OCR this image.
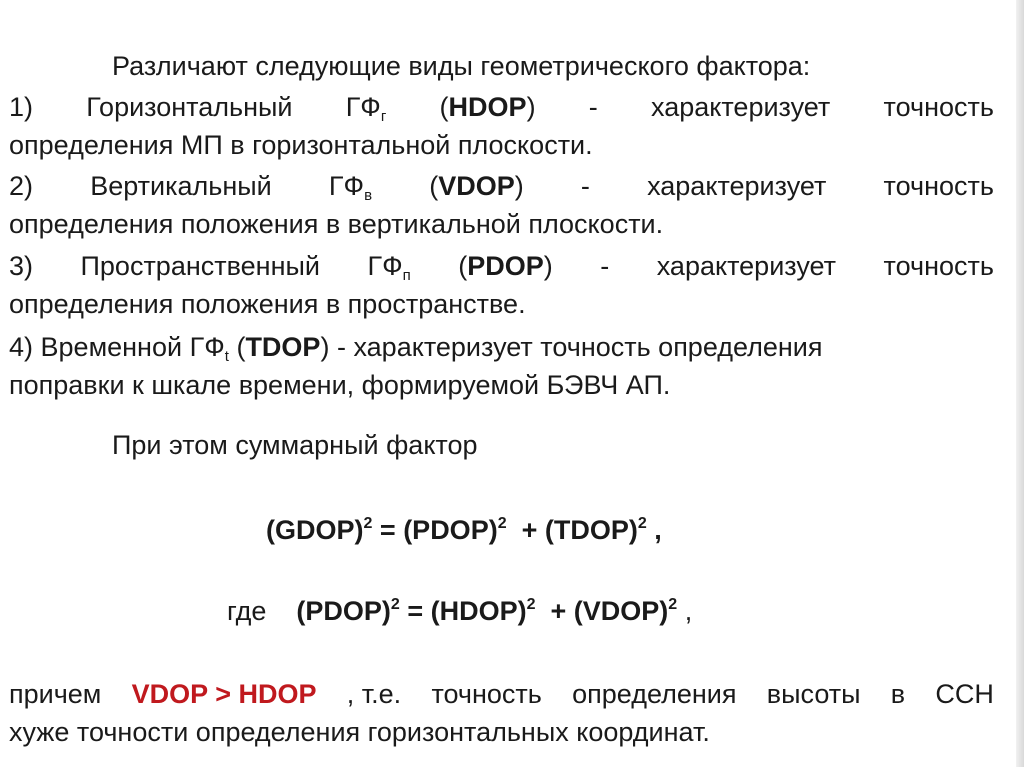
Различают следующие виды геометрического фактора:
1) Горизонтальный $ГФ_г$ (HDOP) - характеризует точность
определения МП в горизонтальной плоскости.
2) Вертикальный $ГФ_в$ (VDOP) - характеризует точность
определения положения в вертикальной плоскости.
3) Пространственный $ГФ_п$ (PDOP) - характеризует точность
определения положения в пространстве.
4) Временной $ГФ_t$ (TDOP) - характеризует точность определения
поправки к шкале времени, формируемой БЭВЧ АП.
При этом суммарный фактор
(GDOP)$^2$ = (PDOP)$^2$  + (TDOP)$^2$ ,
где (PDOP)$^2$ = (HDOP)$^2$  + (VDOP)$^2$ ,
причем VDOP > HDOP , т.е. точность определения высоты в ССН
хуже точности определения горизонтальных координат.
